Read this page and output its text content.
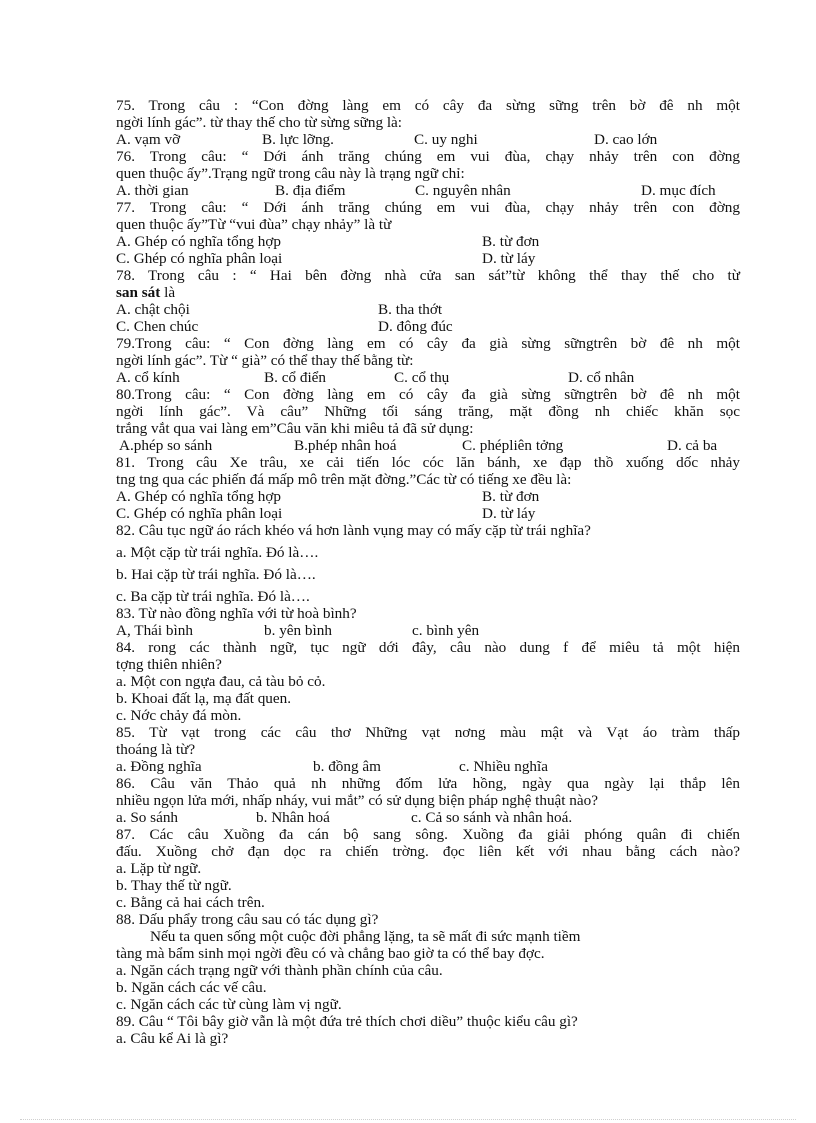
75. Trong câu : “Con đờng làng em có cây đa sừng sững trên bờ đê nh một
ngời lính gác”. từ thay thế cho từ sừng sững là:
A. vạm vỡ	B. lực lỡng.	C. uy nghi	D. cao lớn
76. Trong câu: “ Dới ánh trăng chúng em vui đùa, chạy nhảy trên con đờng
quen thuộc ấy”.Trạng ngữ trong câu này là trạng ngữ chỉ:
A. thời gian	B. địa điểm	C. nguyên nhân	D. mục đích
77. Trong câu: “ Dới ánh trăng chúng em vui đùa, chạy nhảy trên con đờng
quen thuộc ấy”Từ “vui đùa” chạy nhảy” là từ
A. Ghép có nghĩa tổng hợp	B. từ đơn
C. Ghép có nghĩa phân loại	D. từ láy
78. Trong câu : “ Hai bên đờng nhà cửa san sát”từ không thể thay thế cho từ
san sát là
A. chật chội	B. tha thớt
C. Chen chúc	D. đông đúc
79.Trong câu: “ Con đờng làng em có cây đa già sừng sữngtrên bờ đê nh một
ngời lính gác”. Từ “ già” có thể thay thế bằng từ:
A. cổ kính	B. cổ điển	C. cổ thụ	D. cổ nhân
80.Trong câu: “ Con đờng làng em có cây đa già sừng sữngtrên bờ đê nh một
ngời lính gác”. Và câu” Những tối sáng trăng, mặt đồng nh chiếc khăn sọc
trắng vắt qua vai làng em”Câu văn khi miêu tả đã sử dụng:
A.phép so sánh	B.phép nhân hoá	C. phépliên tởng	D. cả ba
81. Trong câu Xe trâu, xe cải tiến lóc cóc lăn bánh, xe đạp thồ xuống dốc nhảy
tng tng qua các phiến đá mấp mô trên mặt đờng.”Các từ có tiếng xe đều là:
A. Ghép có nghĩa tổng hợp	B. từ đơn
C. Ghép có nghĩa phân loại	D. từ láy
82. Câu tục ngữ áo rách khéo vá hơn lành vụng may có mấy cặp từ trái nghĩa?
a. Một cặp từ trái nghĩa. Đó là….
b. Hai cặp từ trái nghĩa. Đó là….
c. Ba cặp từ trái nghĩa. Đó là….
83. Từ nào đồng nghĩa với từ hoà bình?
A, Thái bình	b. yên bình	c. bình yên
84. rong các thành ngữ, tục ngữ dới đây, câu nào dung f để miêu tả một hiện
tợng thiên nhiên?
a. Một con ngựa đau, cả tàu bỏ cỏ.
b. Khoai đất lạ, mạ đất quen.
c. Nớc chảy đá mòn.
85. Từ vạt trong các câu thơ Những vạt nơng màu mật và Vạt áo tràm thấp
thoáng là từ?
a. Đồng nghĩa	b. đồng âm	c. Nhiều nghĩa
86. Câu văn Thảo quả nh những đốm lửa hồng, ngày qua ngày lại thắp lên
nhiều ngọn lửa mới, nhấp nháy, vui mắt” có sử dụng biện pháp nghệ thuật nào?
a. So sánh	b. Nhân hoá	c. Cả so sánh và nhân hoá.
87. Các câu Xuồng đa cán bộ sang sông. Xuồng đa giải phóng quân đi chiến
đấu. Xuồng chở đạn dọc ra chiến trờng. đọc liên kết với nhau bằng cách nào?
a. Lặp từ ngữ.
b. Thay thế từ ngữ.
c. Bằng cả hai cách trên.
88. Dấu phẩy trong câu sau có tác dụng gì?
Nếu ta quen sống một cuộc đời phẳng lặng, ta sẽ mất đi sức mạnh tiềm
tàng mà bẩm sinh mọi ngời đều có và chẳng bao giờ ta có thể bay đợc.
a. Ngăn cách trạng ngữ với thành phần chính của câu.
b. Ngăn cách các vế câu.
c. Ngăn cách các từ cùng làm vị ngữ.
89. Câu “ Tôi bây giờ vẫn là một đứa trẻ thích chơi diều” thuộc kiểu câu gì?
a. Câu kể Ai là gì?
